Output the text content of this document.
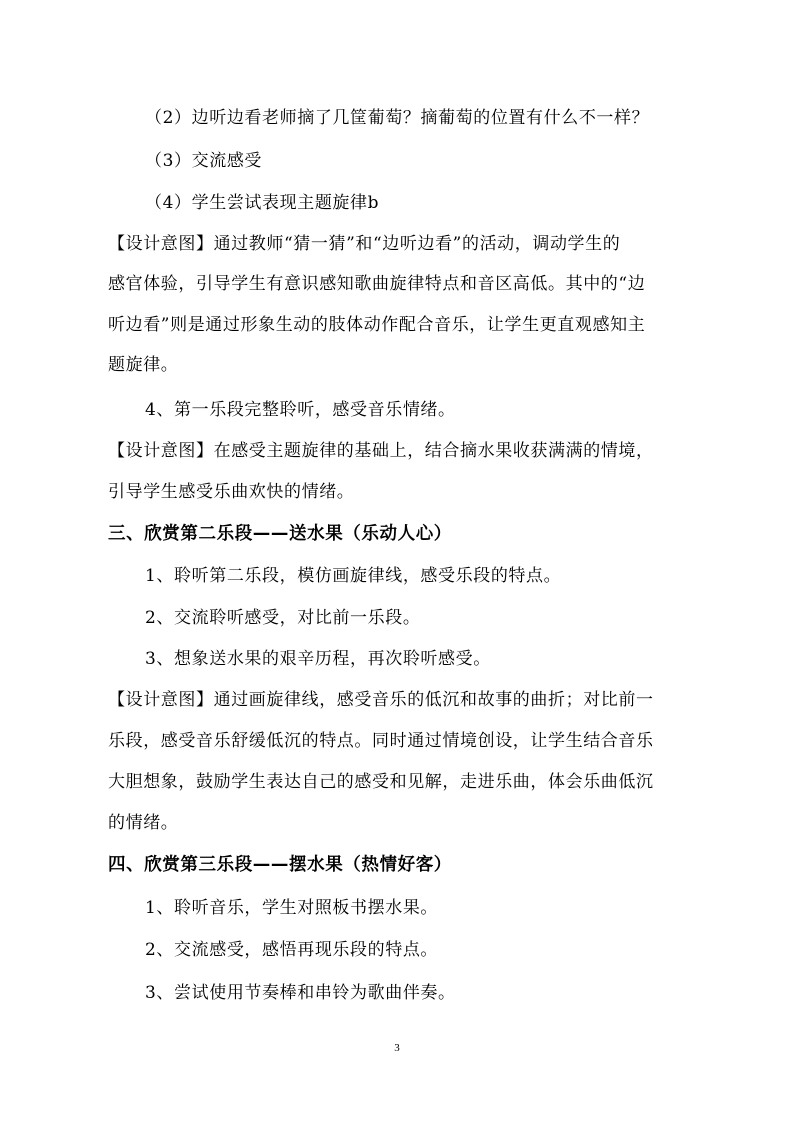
（2）边听边看老师摘了几筐葡萄？摘葡萄的位置有什么不一样？
（3）交流感受
（4）学生尝试表现主题旋律b
【设计意图】通过教师“猜一猜”和“边听边看”的活动，调动学生的
感官体验，引导学生有意识感知歌曲旋律特点和音区高低。其中的“边
听边看”则是通过形象生动的肢体动作配合音乐，让学生更直观感知主
题旋律。
4、第一乐段完整聆听，感受音乐情绪。
【设计意图】在感受主题旋律的基础上，结合摘水果收获满满的情境，
引导学生感受乐曲欢快的情绪。
三、欣赏第二乐段——送水果（乐动人心）
1、聆听第二乐段，模仿画旋律线，感受乐段的特点。
2、交流聆听感受，对比前一乐段。
3、想象送水果的艰辛历程，再次聆听感受。
【设计意图】通过画旋律线，感受音乐的低沉和故事的曲折；对比前一
乐段，感受音乐舒缓低沉的特点。同时通过情境创设，让学生结合音乐
大胆想象，鼓励学生表达自己的感受和见解，走进乐曲，体会乐曲低沉
的情绪。
四、欣赏第三乐段——摆水果（热情好客）
1、聆听音乐，学生对照板书摆水果。
2、交流感受，感悟再现乐段的特点。
3、尝试使用节奏棒和串铃为歌曲伴奏。
3
